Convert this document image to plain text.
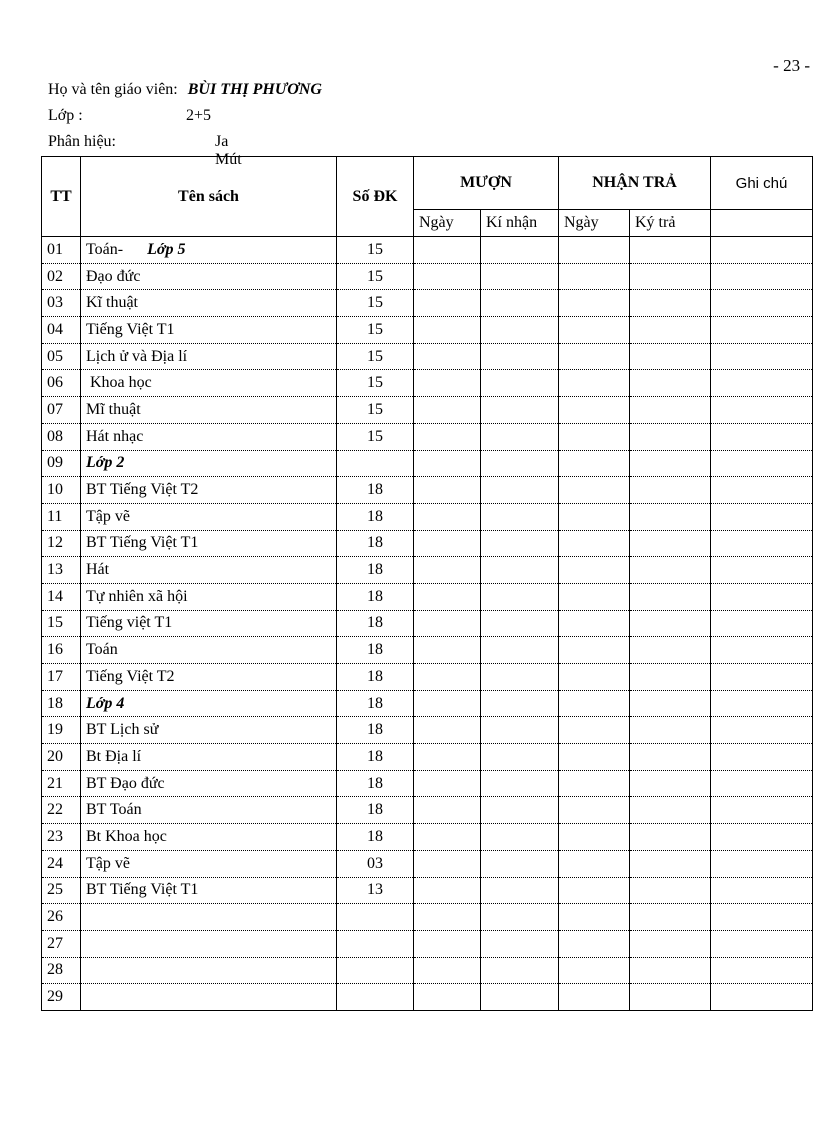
- 23 -
Họ và tên giáo viên: BÙI THỊ PHƯƠNG
Lớp :	2+5
Phân hiệu:	Ja Mút
TT	Tên sách	Số ĐK	MƯỢN		NHẬN TRẢ		Ghi chú
			Ngày	Kí nhận	Ngày	Ký trả	
01	Toán- Lớp 5	15					
02	Đạo đức	15					
03	Kĩ thuật	15					
04	Tiếng Việt T1	15					
05	Lịch ử và Địa lí	15					
06	Khoa học	15					
07	Mĩ thuật	15					
08	Hát nhạc	15					
09	Lớp 2						
10	BT Tiếng Việt T2	18					
11	Tập vẽ	18					
12	BT Tiếng Việt T1	18					
13	Hát	18					
14	Tự nhiên xã hội	18					
15	Tiếng việt T1	18					
16	Toán	18					
17	Tiếng Việt T2	18					
18	Lớp 4	18					
19	BT Lịch sử	18					
20	Bt Địa lí	18					
21	BT Đạo đức	18					
22	BT Toán	18					
23	Bt Khoa học	18					
24	Tập vẽ	03					
25	BT Tiếng Việt T1	13					
26							
27							
28							
29							
